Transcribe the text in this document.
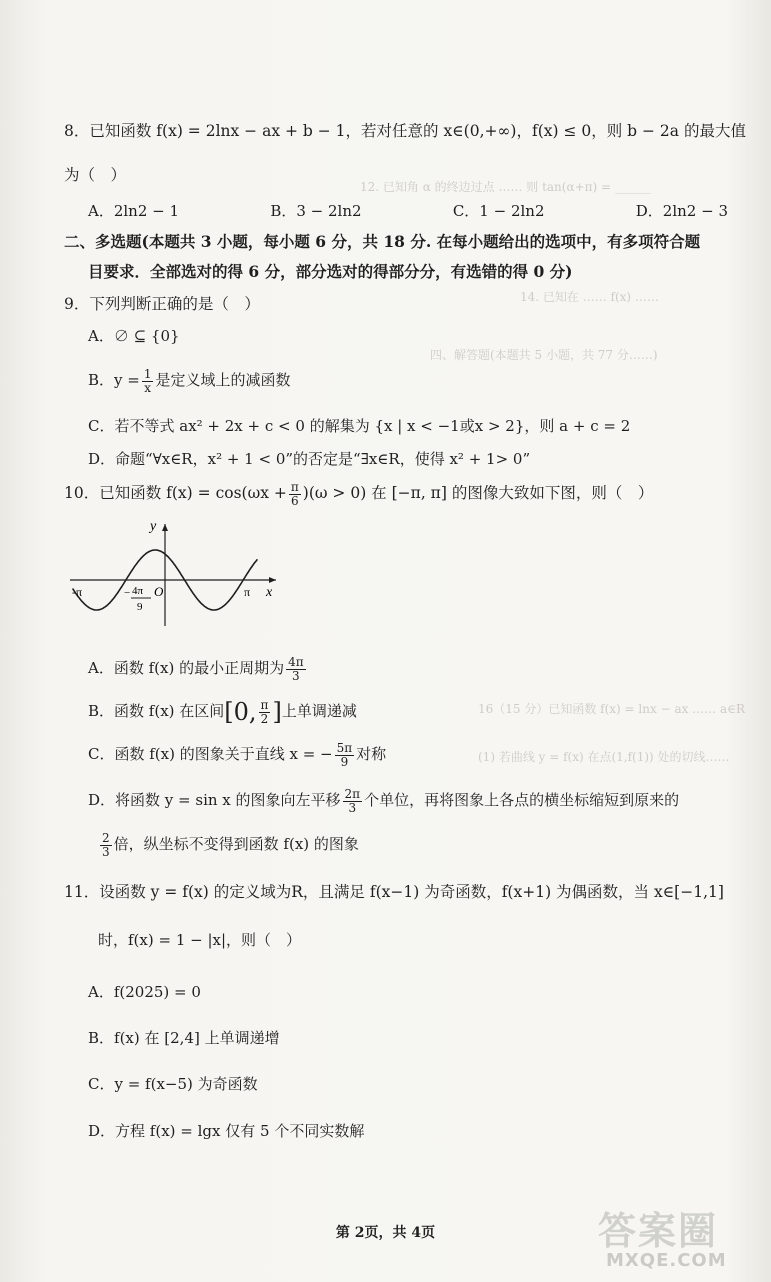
12. 已知角 α 的终边过点 …… 则 tan(α+π) = ______
14. 已知在 …… f(x) ……
四、解答题(本题共 5 小题，共 77 分……)
16（15 分）已知函数 f(x) = lnx − ax …… a∈R
(1) 若曲线 y = f(x) 在点(1,f(1)) 处的切线……
8．已知函数 f(x) = 2lnx − ax + b − 1，若对任意的 x∈(0,+∞)，f(x) ≤ 0，则 b − 2a 的最大值
为（　）
A．2ln2 − 1	B．3 − 2ln2	C．1 − 2ln2	D．2ln2 − 3
二、多选题(本题共 3 小题，每小题 6 分，共 18 分. 在每小题给出的选项中，有多项符合题
目要求．全部选对的得 6 分，部分选对的得部分分，有选错的得 0 分)
9．下列判断正确的是（　）
A．∅ ⊆ {0}
B．$y = \frac{1}{x}$ 是定义域上的减函数
C．若不等式 ax² + 2x + c < 0 的解集为 {x | x < −1或x > 2}，则 a + c = 2
D．命题“∀x∈R，x² + 1 < 0”的否定是“∃x∈R，使得 x² + 1> 0”
10．已知函数 $f(x) = \cos(\omega x + \frac{\pi}{6} )(\omega > 0)$ 在 [−π, π] 的图像大致如下图，则（　）
y
x
O
-π	π
− 4π
9
A．函数 f(x) 的最小正周期为 $\frac{4\pi}{3}$
B．函数 f(x) 在区间[0, $\frac{\pi}{2}$ ]上单调递减
C．函数 f(x) 的图象关于直线 x = − $\frac{5\pi}{9}$ 对称
D．将函数 y = sin x 的图象向左平移 $\frac{2\pi}{3}$ 个单位，再将图象上各点的横坐标缩短到原来的
$\frac{2}{3}$ 倍，纵坐标不变得到函数 f(x) 的图象
11．设函数 y = f(x) 的定义域为R，且满足 f(x−1) 为奇函数，f(x+1) 为偶函数，当 x∈[−1,1]
时，f(x) = 1 − |x|，则（　）
A．f(2025) = 0
B．f(x) 在 [2,4] 上单调递增
C．y = f(x−5) 为奇函数
D．方程 f(x) = lgx 仅有 5 个不同实数解
第 2页，共 4页	答案圈
MXQE.COM
